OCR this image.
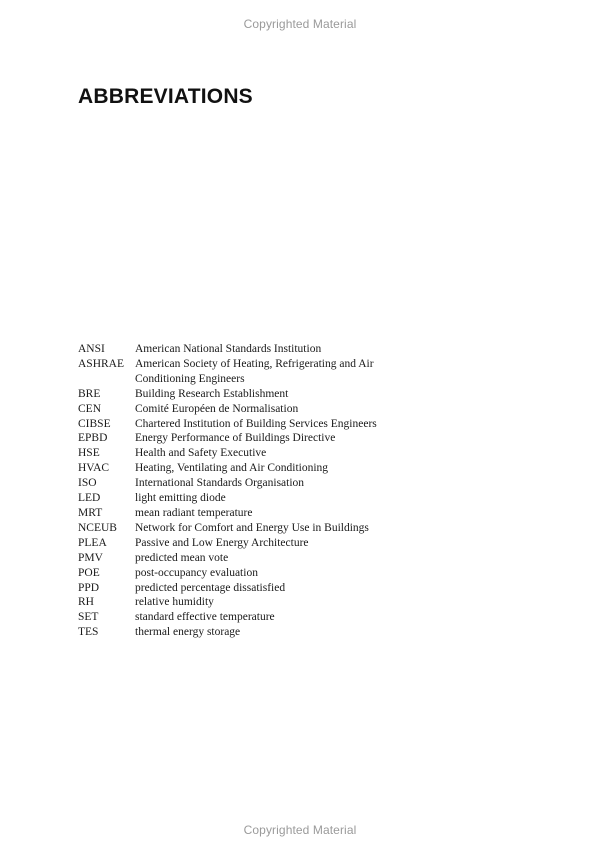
Copyrighted Material
ABBREVIATIONS
ANSI	American National Standards Institution
ASHRAE American Society of Heating, Refrigerating and Air Conditioning Engineers
BRE	Building Research Establishment
CEN	Comité Européen de Normalisation
CIBSE	Chartered Institution of Building Services Engineers
EPBD	Energy Performance of Buildings Directive
HSE	Health and Safety Executive
HVAC	Heating, Ventilating and Air Conditioning
ISO	International Standards Organisation
LED	light emitting diode
MRT	mean radiant temperature
NCEUB	Network for Comfort and Energy Use in Buildings
PLEA	Passive and Low Energy Architecture
PMV	predicted mean vote
POE	post-occupancy evaluation
PPD	predicted percentage dissatisfied
RH	relative humidity
SET	standard effective temperature
TES	thermal energy storage
Copyrighted Material
